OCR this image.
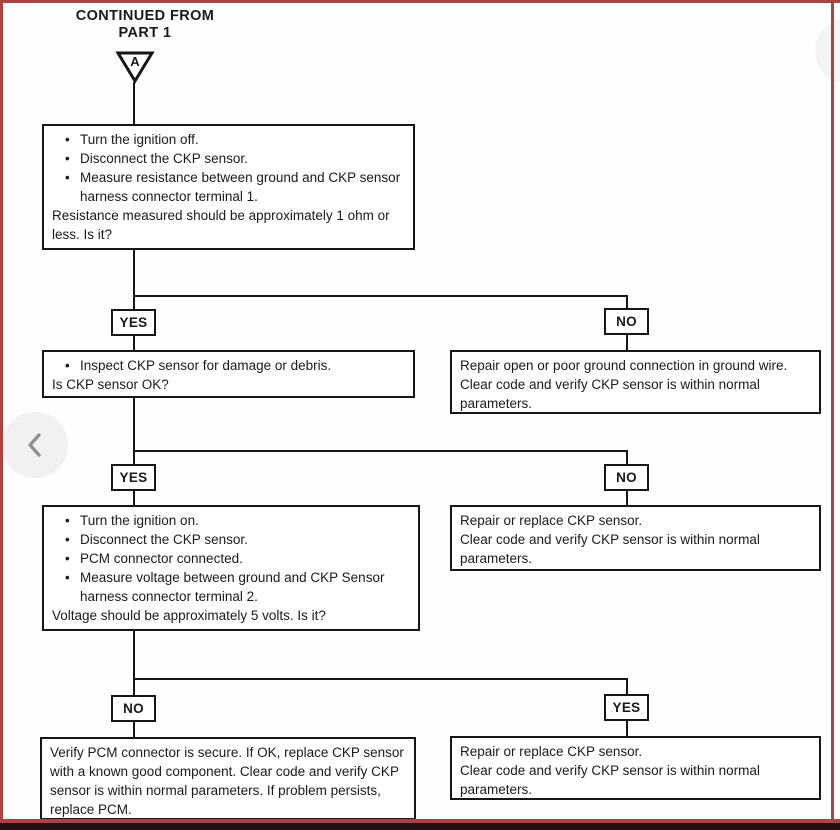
CONTINUED FROM
PART 1
A
• Turn the ignition off.
• Disconnect the CKP sensor.
• Measure resistance between ground and CKP sensor harness connector terminal 1.
Resistance measured should be approximately 1 ohm or less. Is it?
YES	NO
• Inspect CKP sensor for damage or debris.
Is CKP sensor OK?
Repair open or poor ground connection in ground wire. Clear code and verify CKP sensor is within normal parameters.
YES	NO
• Turn the ignition on.
• Disconnect the CKP sensor.
• PCM connector connected.
• Measure voltage between ground and CKP Sensor harness connector terminal 2.
Voltage should be approximately 5 volts. Is it?
Repair or replace CKP sensor.
Clear code and verify CKP sensor is within normal parameters.
NO	YES
Verify PCM connector is secure. If OK, replace CKP sensor with a known good component. Clear code and verify CKP sensor is within normal parameters. If problem persists, replace PCM.
Repair or replace CKP sensor.
Clear code and verify CKP sensor is within normal parameters.
